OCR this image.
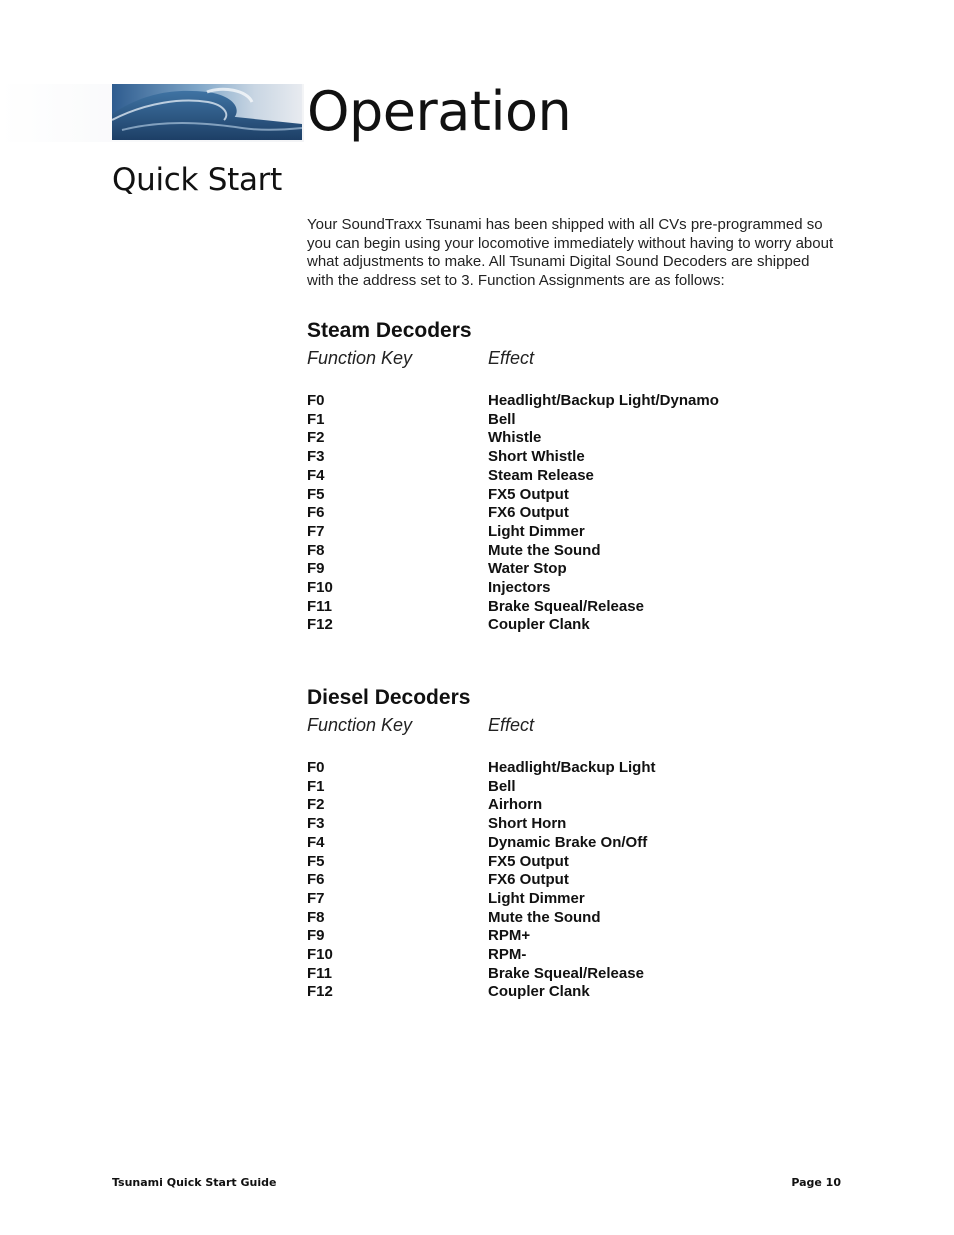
Operation
Quick Start

Your SoundTraxx Tsunami has been shipped with all CVs pre-programmed so you can begin using your locomotive immediately without having to worry about what adjustments to make. All Tsunami Digital Sound Decoders are shipped with the address set to 3. Function Assignments are as follows:

Steam Decoders
Function Key	Effect
F0	Headlight/Backup Light/Dynamo
F1	Bell
F2	Whistle
F3	Short Whistle
F4	Steam Release
F5	FX5 Output
F6	FX6 Output
F7	Light Dimmer
F8	Mute the Sound
F9	Water Stop
F10	Injectors
F11	Brake Squeal/Release
F12	Coupler Clank
Diesel Decoders
Function Key	Effect
F0	Headlight/Backup Light
F1	Bell
F2	Airhorn
F3	Short Horn
F4	Dynamic Brake On/Off
F5	FX5 Output
F6	FX6 Output
F7	Light Dimmer
F8	Mute the Sound
F9	RPM+
F10	RPM-
F11	Brake Squeal/Release
F12	Coupler Clank
Tsunami Quick Start Guide	Page 10
